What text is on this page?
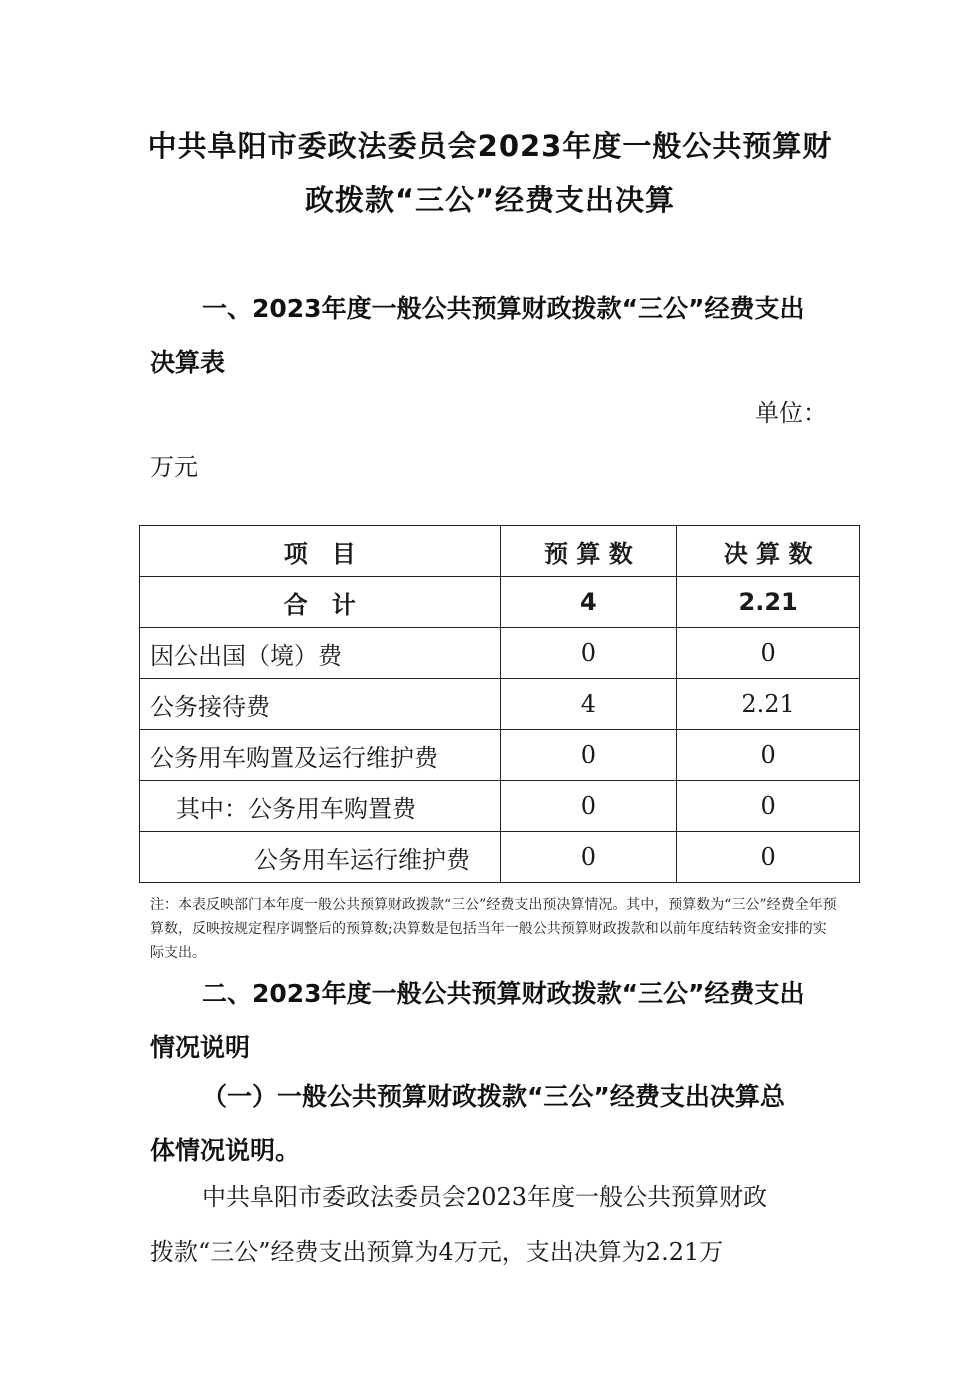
中共阜阳市委政法委员会2023年度一般公共预算财
政拨款“三公”经费支出决算
一、2023年度一般公共预算财政拨款“三公”经费支出
决算表
单位：
万元
项　目	预 算 数	决 算 数
合　计	4	2.21
因公出国（境）费	0	0
公务接待费	4	2.21
公务用车购置及运行维护费	0	0
其中：公务用车购置费	0	0
公务用车运行维护费	0	0
注：本表反映部门本年度一般公共预算财政拨款“三公”经费支出预决算情况。其中，预算数为“三公”经费全年预算数，反映按规定程序调整后的预算数;决算数是包括当年一般公共预算财政拨款和以前年度结转资金安排的实际支出。
二、2023年度一般公共预算财政拨款“三公”经费支出
情况说明
（一）一般公共预算财政拨款“三公”经费支出决算总
体情况说明。
中共阜阳市委政法委员会2023年度一般公共预算财政
拨款“三公”经费支出预算为4万元，支出决算为2.21万
